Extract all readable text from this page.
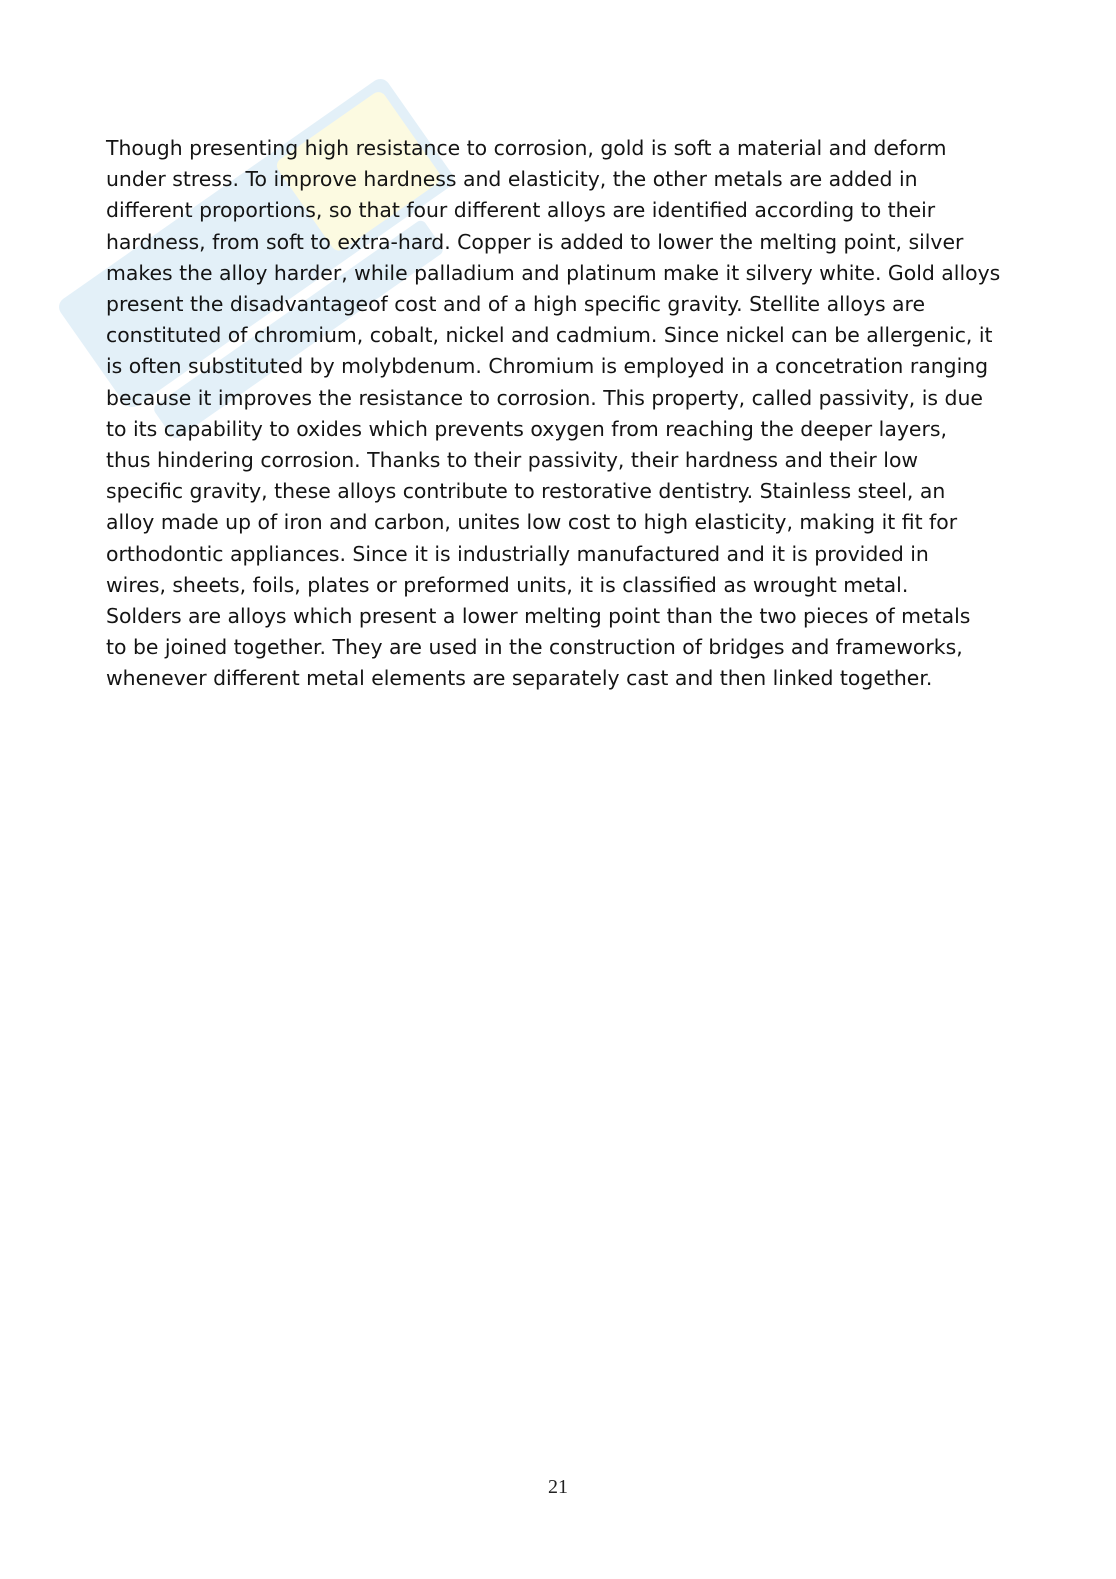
Though presenting high resistance to corrosion, gold is soft a material and deform
under stress. To improve hardness and elasticity, the other metals are added in
different proportions, so that four different alloys are identified according to their
hardness, from soft to extra-hard. Copper is added to lower the melting point, silver
makes the alloy harder, while palladium and platinum make it silvery white. Gold alloys
present the disadvantageof cost and of a high specific gravity. Stellite alloys are
constituted of chromium, cobalt, nickel and cadmium. Since nickel can be allergenic, it
is often substituted by molybdenum. Chromium is employed in a concetration ranging
because it improves the resistance to corrosion. This property, called passivity, is due
to its capability to oxides which prevents oxygen from reaching the deeper layers,
thus hindering corrosion. Thanks to their passivity, their hardness and their low
specific gravity, these alloys contribute to restorative dentistry. Stainless steel, an
alloy made up of iron and carbon, unites low cost to high elasticity, making it fit for
orthodontic appliances. Since it is industrially manufactured and it is provided in
wires, sheets, foils, plates or preformed units, it is classified as wrought metal.
Solders are alloys which present a lower melting point than the two pieces of metals
to be joined together. They are used in the construction of bridges and frameworks,
whenever different metal elements are separately cast and then linked together.

21
